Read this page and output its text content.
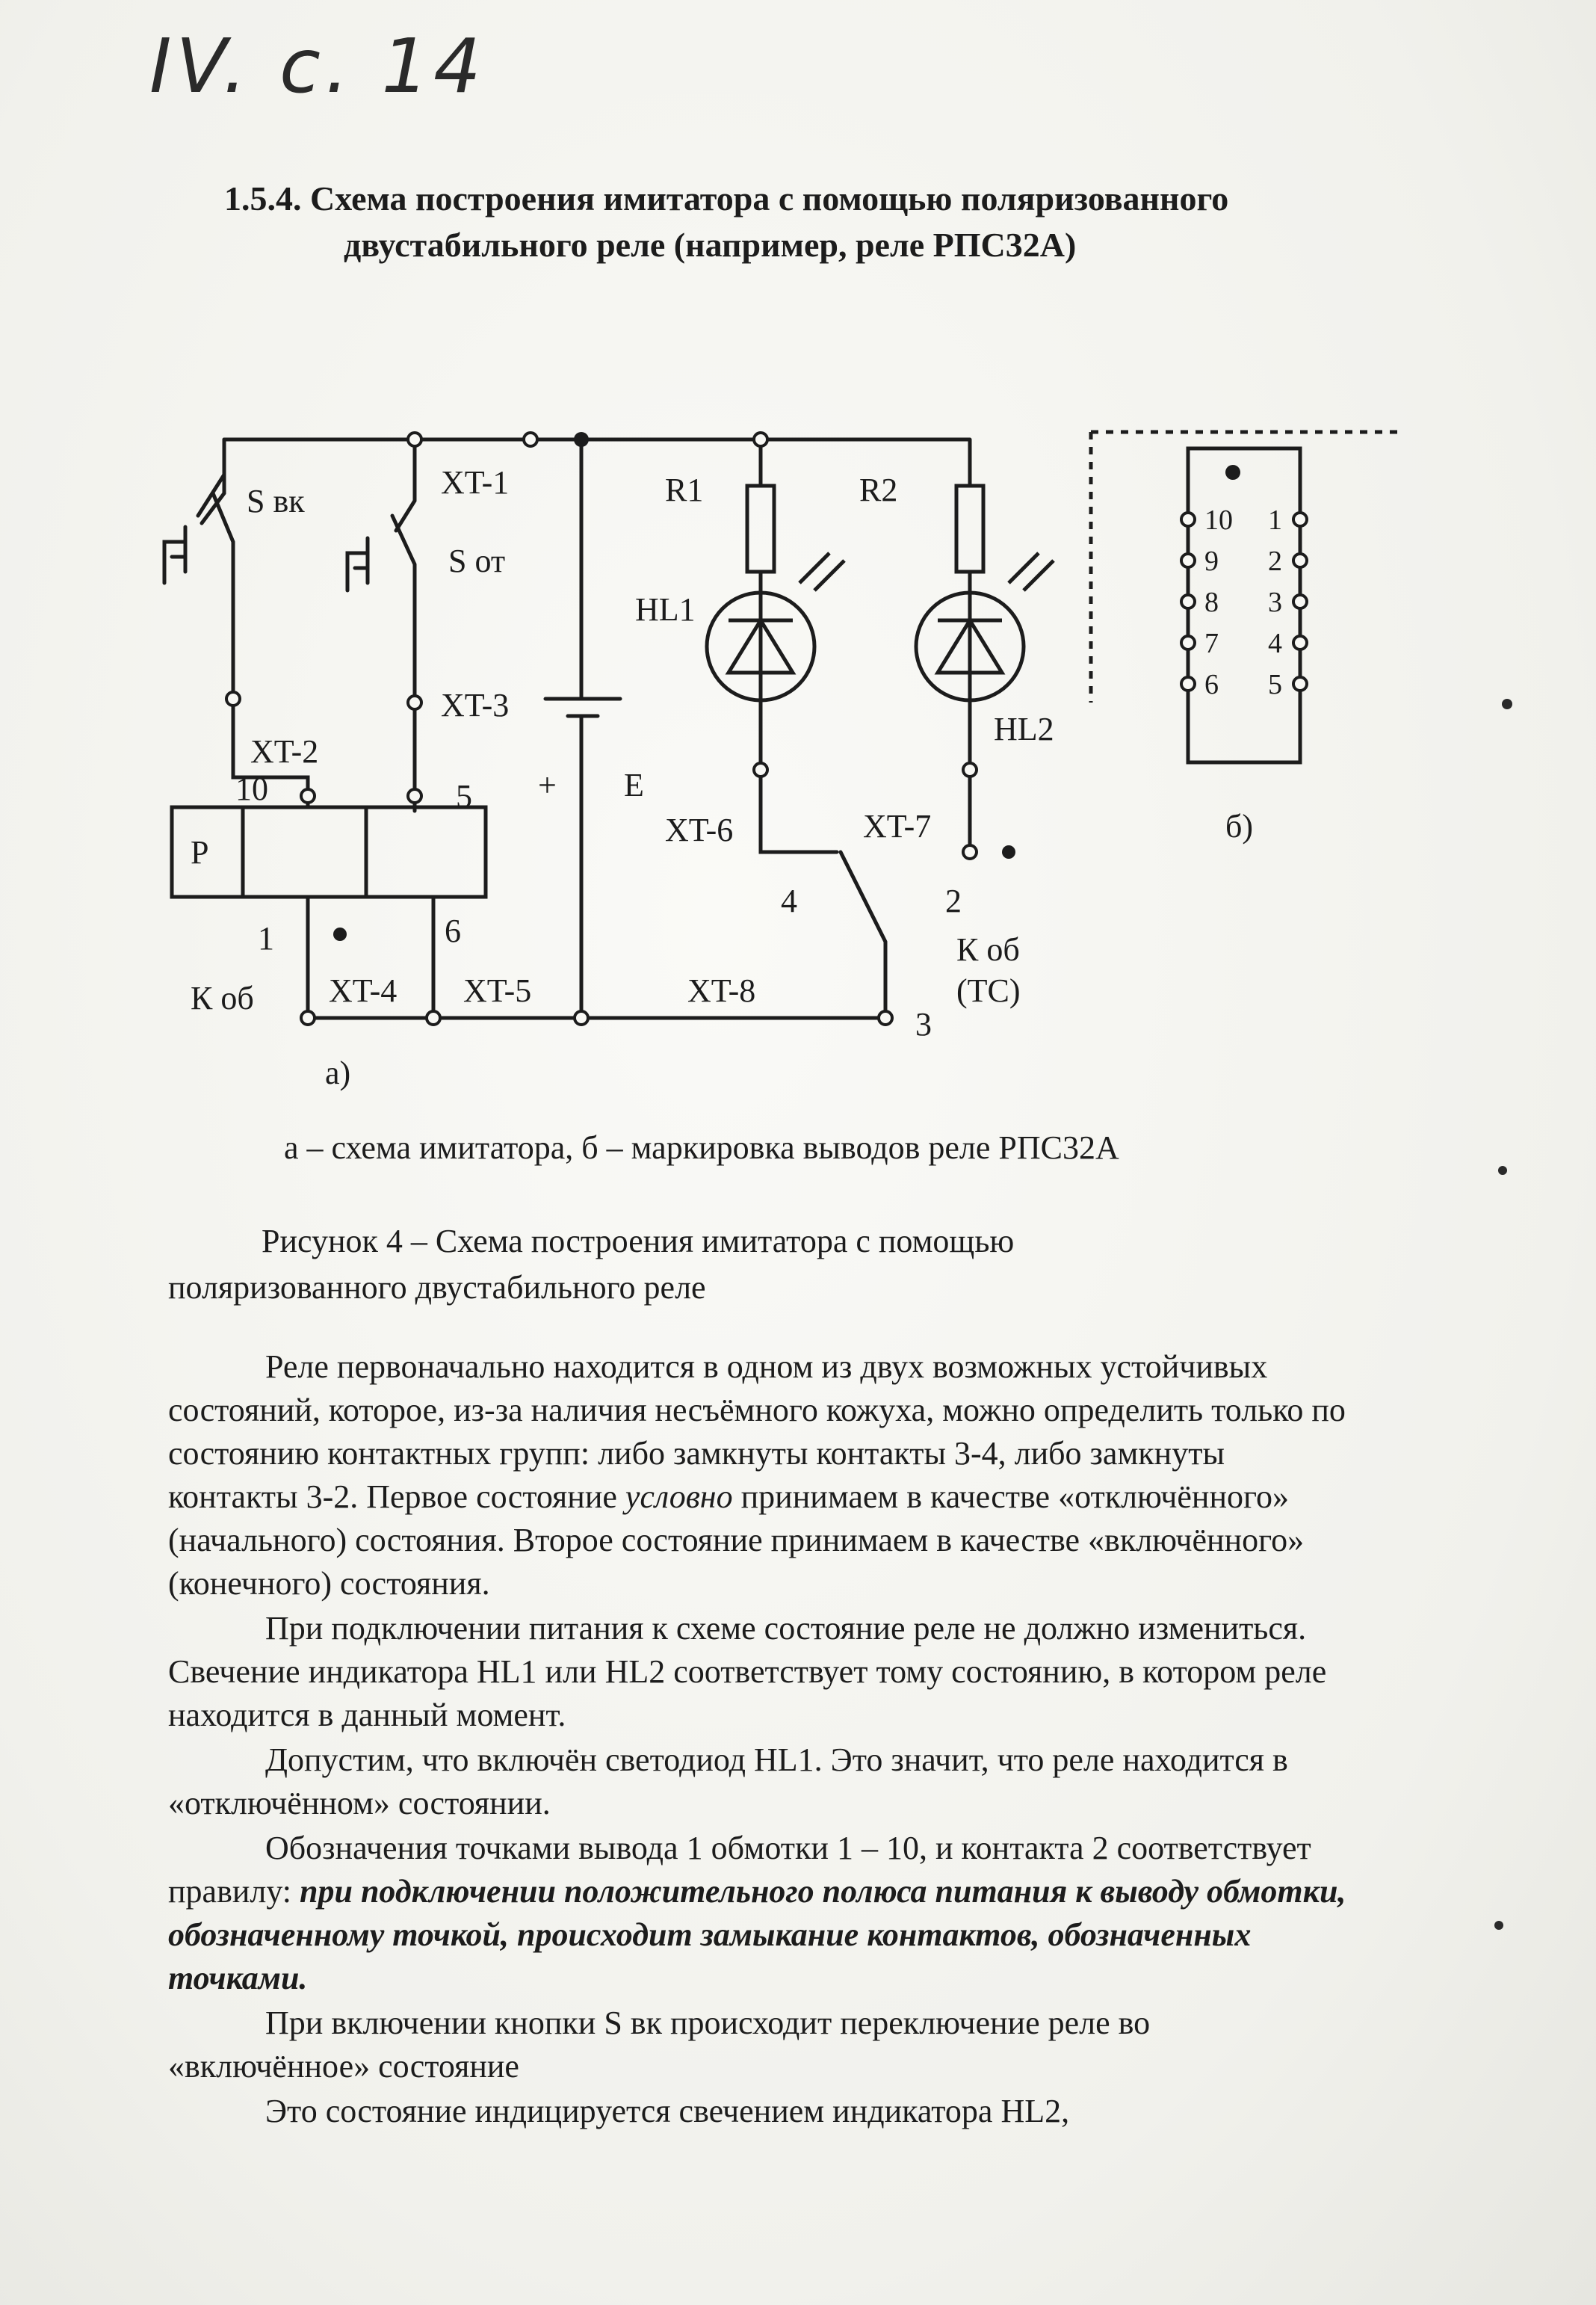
IV. c. 14
1.5.4. Схема построения имитатора с помощью поляризованного
двустабильного реле (например, реле РПС32А)
S вк
S от
XT-1
XT-2
XT-3
XT-4 XT-5
XT-6	XT-7
XT-8
R1	R2
HL1
HL2
E
+
P
10	5
1	6
4	2
3
К об
К об
(TC)
а)
б)
10
9
8
7
6
1
2
3
4
5
а – схема имитатора, б – маркировка выводов реле РПС32А
Рисунок 4 – Схема построения имитатора с помощью
поляризованного двустабильного реле

Реле первоначально находится в одном из двух возможных устойчивых состояний, которое, из-за наличия несъёмного кожуха, можно определить только по состоянию контактных групп: либо замкнуты контакты 3-4, либо замкнуты контакты 3-2. Первое состояние условно принимаем в качестве «отключённого» (начального) состояния. Второе состояние принимаем в качестве «включённого» (конечного) состояния.

При подключении питания к схеме состояние реле не должно измениться. Свечение индикатора HL1 или HL2 соответствует тому состоянию, в котором реле находится в данный момент.

Допустим, что включён светодиод HL1. Это значит, что реле находится в «отключённом» состоянии.

Обозначения точками вывода 1 обмотки 1 – 10, и контакта 2 соответствует правилу: при подключении положительного полюса питания к выводу обмотки, обозначенному точкой, происходит замыкание контактов, обозначенных точками.

При включении кнопки S вк происходит переключение реле во «включённое» состояние

Это состояние индицируется свечением индикатора HL2,
